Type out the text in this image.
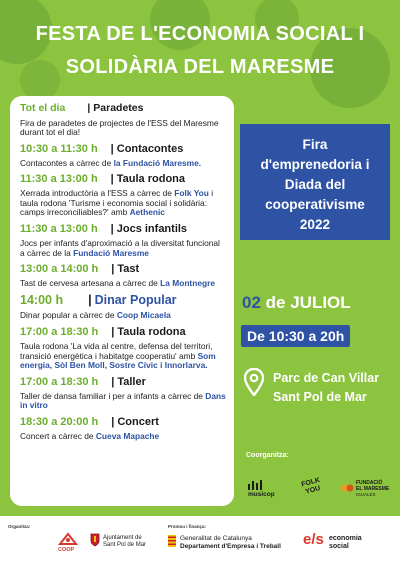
FESTA DE L'ECONOMIA SOCIAL I
SOLIDÀRIA DEL MARESME
Tot el dia | Paradetes
Fira de paradetes de projectes de l'ESS del Maresme durant tot el dia!
10:30 a 11:30 h | Contacontes
Contacontes a càrrec de la Fundació Maresme.
11:30 a 13:00 h | Taula rodona
Xerrada introductòria a l'ESS a càrrec de Folk You i taula rodona 'Turisme i economia social i solidària: camps irreconciliables?' amb Aethenic
11:30 a 13:00 h | Jocs infantils
Jocs per infants d'aproximació a la diversitat funcional a càrrec de la Fundació Maresme
13:00 a 14:00 h | Tast
Tast de cervesa artesana a càrrec de La Montnegre
14:00 h | Dinar Popular
Dinar popular a càrrec de Coop Micaela
17:00 a 18:30 h | Taula rodona
Taula rodona 'La vida al centre, defensa del territori, transició energètica i habitatge cooperatiu' amb Som energia, Sòl Ben Moll, Sostre Cívic i Innorlarva.
17:00 a 18:30 h | Taller
Taller de dansa familiar i per a infants a càrrec de Dans in vitro
18:30 a 20:00 h | Concert
Concert a càrrec de Cueva Mapache
Fira
d'emprenedoria i
Diada del
cooperativisme
2022
02 de JULIOL
De 10:30 a 20h
Parc de Can Villar
Sant Pol de Mar
Coorganitza:
musicop
FOLK YOU
FUNDACIÓ
EL MARESME
IGUALES
Organitza:
COOP
Ajuntament de
Sant Pol de Mar
Promou i finança:
Generalitat de Catalunya
Departament d'Empresa i Treball e/s economia
social
